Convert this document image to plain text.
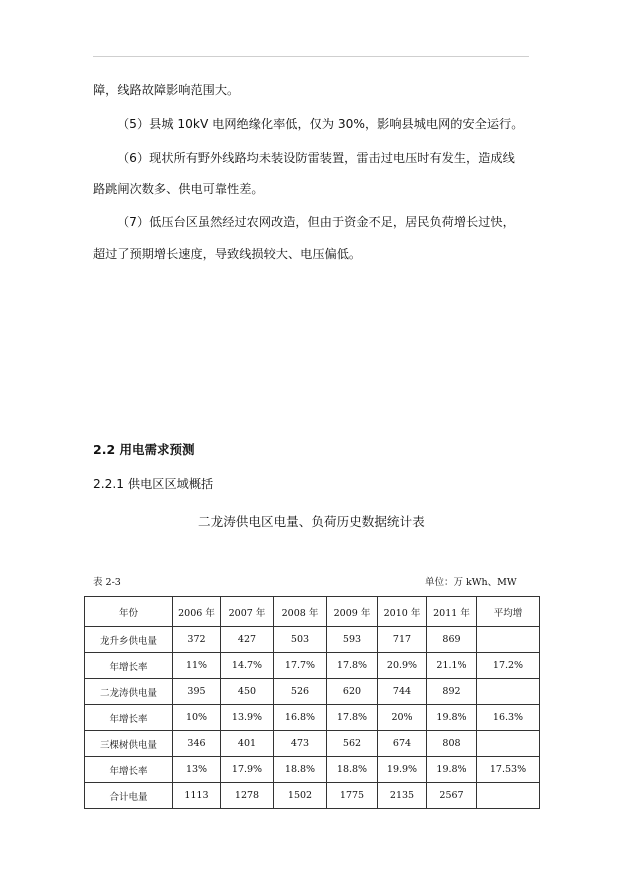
障，线路故障影响范围大。
（5）县城 10kV 电网绝缘化率低，仅为 30%，影响县城电网的安全运行。
（6）现状所有野外线路均未装设防雷装置，雷击过电压时有发生，造成线
路跳闸次数多、供电可靠性差。
（7）低压台区虽然经过农网改造，但由于资金不足，居民负荷增长过快，
超过了预期增长速度，导致线损较大、电压偏低。
2.2 用电需求预测
2.2.1 供电区区域概括
二龙涛供电区电量、负荷历史数据统计表
表 2-3	单位：万 kWh、MW
年份	2006 年	2007 年	2008 年	2009 年	2010 年	2011 年	平均增
龙升乡供电量	372	427	503	593	717	869	
年增长率	11%	14.7%	17.7%	17.8%	20.9%	21.1%	17.2%
二龙涛供电量	395	450	526	620	744	892	
年增长率	10%	13.9%	16.8%	17.8%	20%	19.8%	16.3%
三棵树供电量	346	401	473	562	674	808	
年增长率	13%	17.9%	18.8%	18.8%	19.9%	19.8%	17.53%
合计电量	1113	1278	1502	1775	2135	2567	
